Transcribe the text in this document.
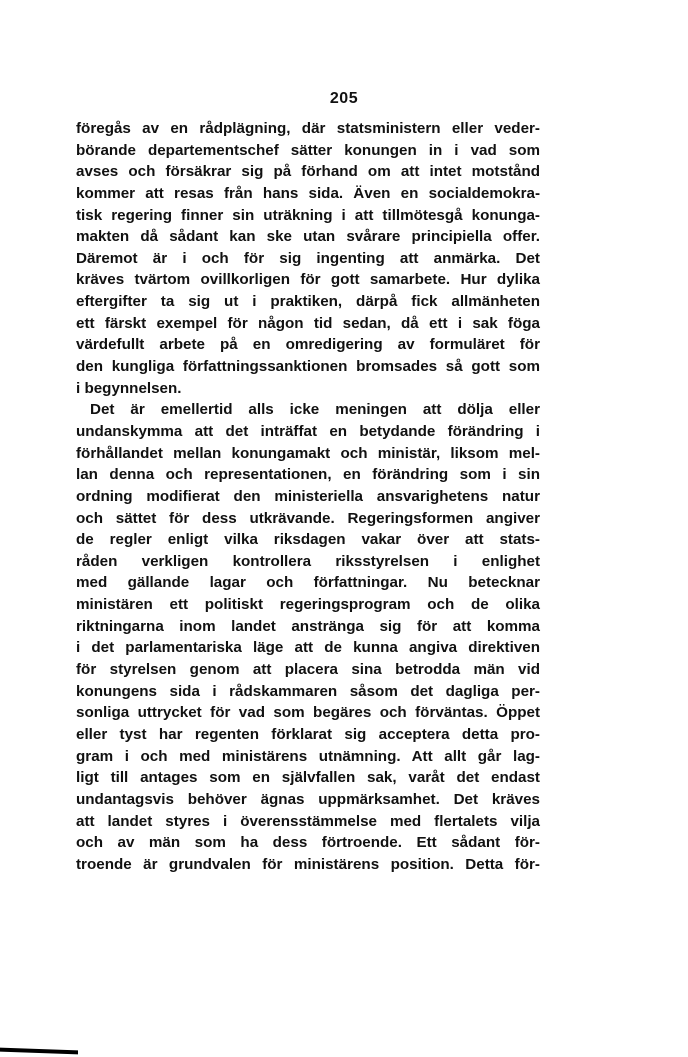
205
föregås av en rådplägning, där statsministern eller veder-
börande departementschef sätter konungen in i vad som
avses och försäkrar sig på förhand om att intet motstånd
kommer att resas från hans sida. Även en socialdemokra-
tisk regering finner sin uträkning i att tillmötesgå konunga-
makten då sådant kan ske utan svårare principiella offer.
Däremot är i och för sig ingenting att anmärka. Det
kräves tvärtom ovillkorligen för gott samarbete. Hur dylika
eftergifter ta sig ut i praktiken, därpå fick allmänheten
ett färskt exempel för någon tid sedan, då ett i sak föga
värdefullt arbete på en omredigering av formuläret för
den kungliga författningssanktionen bromsades så gott som
i begynnelsen.
Det är emellertid alls icke meningen att dölja eller
undanskymma att det inträffat en betydande förändring i
förhållandet mellan konungamakt och ministär, liksom mel-
lan denna och representationen, en förändring som i sin
ordning modifierat den ministeriella ansvarighetens natur
och sättet för dess utkrävande. Regeringsformen angiver
de regler enligt vilka riksdagen vakar över att stats-
råden verkligen kontrollera riksstyrelsen i enlighet
med gällande lagar och författningar. Nu betecknar
ministären ett politiskt regeringsprogram och de olika
riktningarna inom landet anstränga sig för att komma
i det parlamentariska läge att de kunna angiva direktiven
för styrelsen genom att placera sina betrodda män vid
konungens sida i rådskammaren såsom det dagliga per-
sonliga uttrycket för vad som begäres och förväntas. Öppet
eller tyst har regenten förklarat sig acceptera detta pro-
gram i och med ministärens utnämning. Att allt går lag-
ligt till antages som en självfallen sak, varåt det endast
undantagsvis behöver ägnas uppmärksamhet. Det kräves
att landet styres i överensstämmelse med flertalets vilja
och av män som ha dess förtroende. Ett sådant för-
troende är grundvalen för ministärens position. Detta för-
